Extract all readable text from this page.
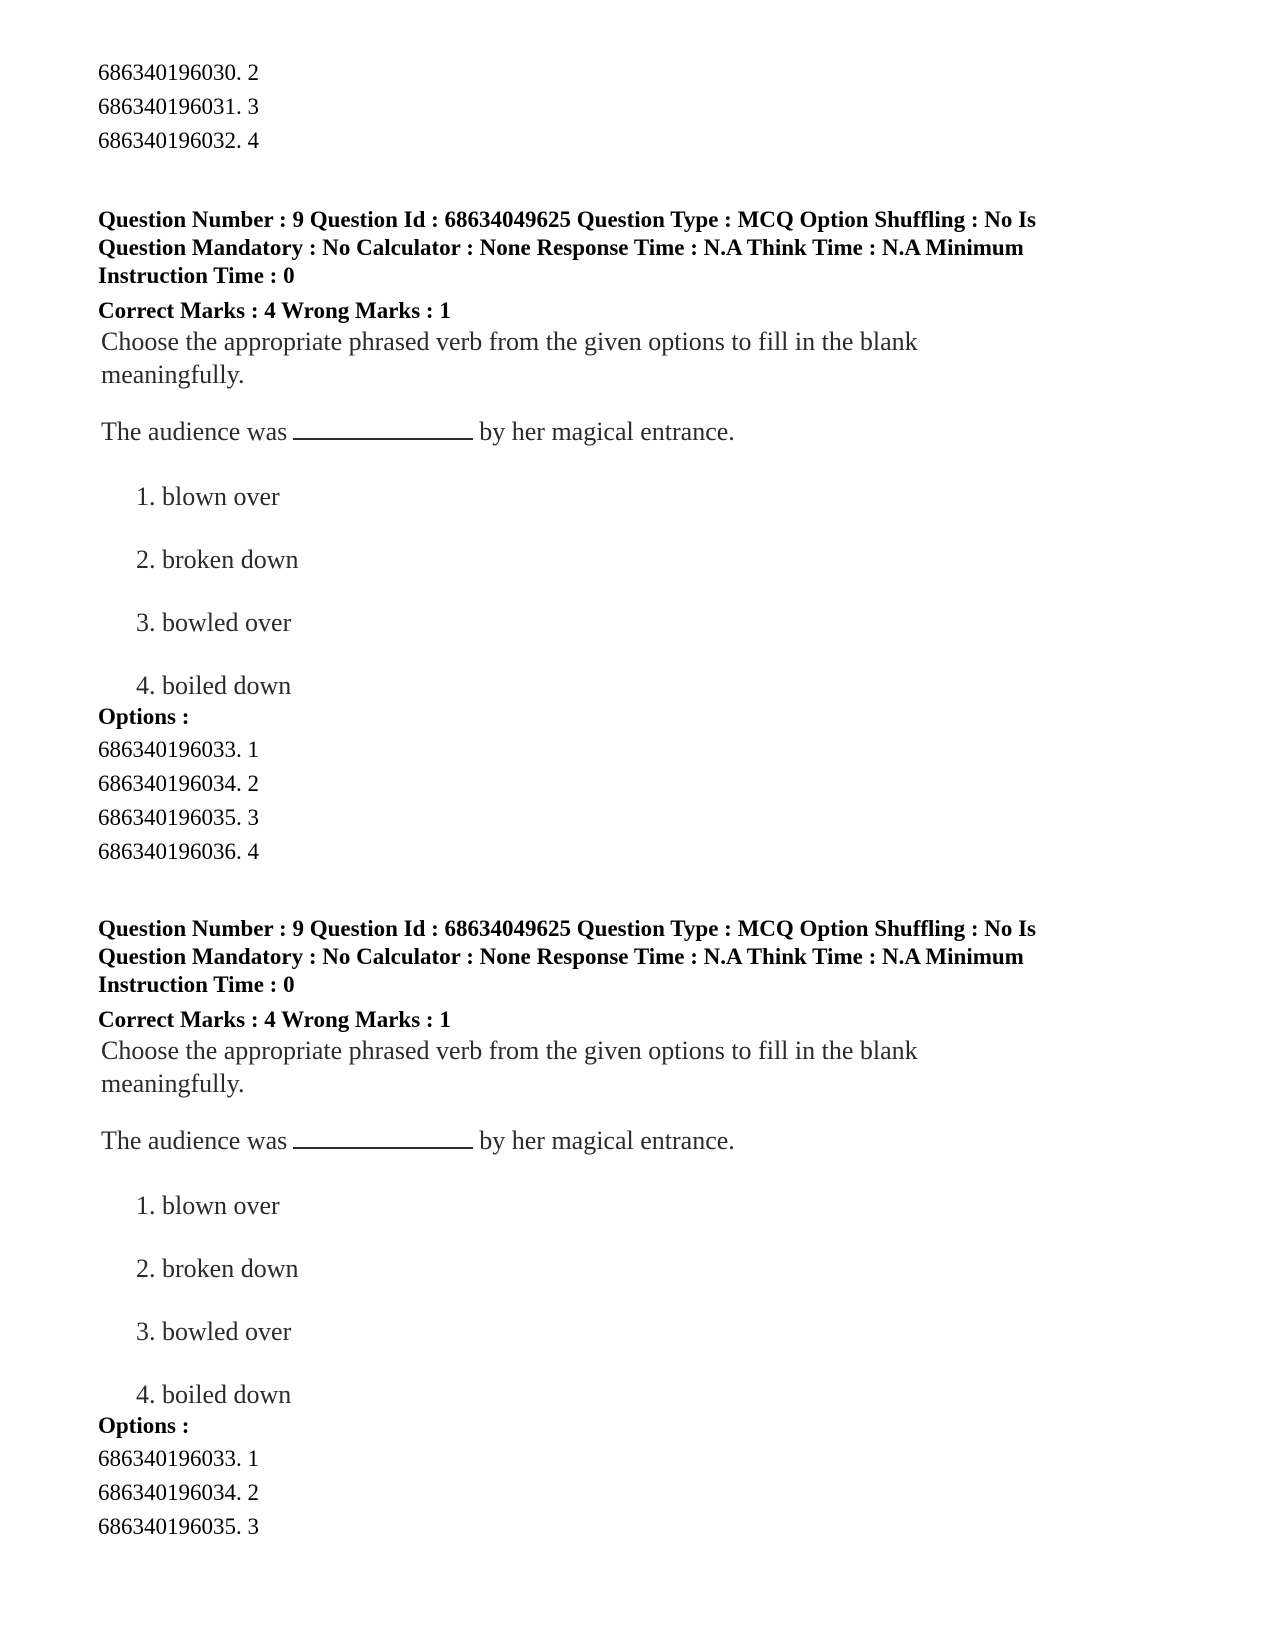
686340196030. 2
686340196031. 3
686340196032. 4
Question Number : 9 Question Id : 68634049625 Question Type : MCQ Option Shuffling : No Is Question Mandatory : No Calculator : None Response Time : N.A Think Time : N.A Minimum Instruction Time : 0
Correct Marks : 4 Wrong Marks : 1
Choose the appropriate phrased verb from the given options to fill in the blank meaningfully.
The audience was	by her magical entrance.
1. blown over
2. broken down
3. bowled over
4. boiled down
Options :
686340196033. 1
686340196034. 2
686340196035. 3
686340196036. 4
Question Number : 9 Question Id : 68634049625 Question Type : MCQ Option Shuffling : No Is Question Mandatory : No Calculator : None Response Time : N.A Think Time : N.A Minimum Instruction Time : 0
Correct Marks : 4 Wrong Marks : 1
Choose the appropriate phrased verb from the given options to fill in the blank meaningfully.
The audience was	by her magical entrance.
1. blown over
2. broken down
3. bowled over
4. boiled down
Options :
686340196033. 1
686340196034. 2
686340196035. 3
